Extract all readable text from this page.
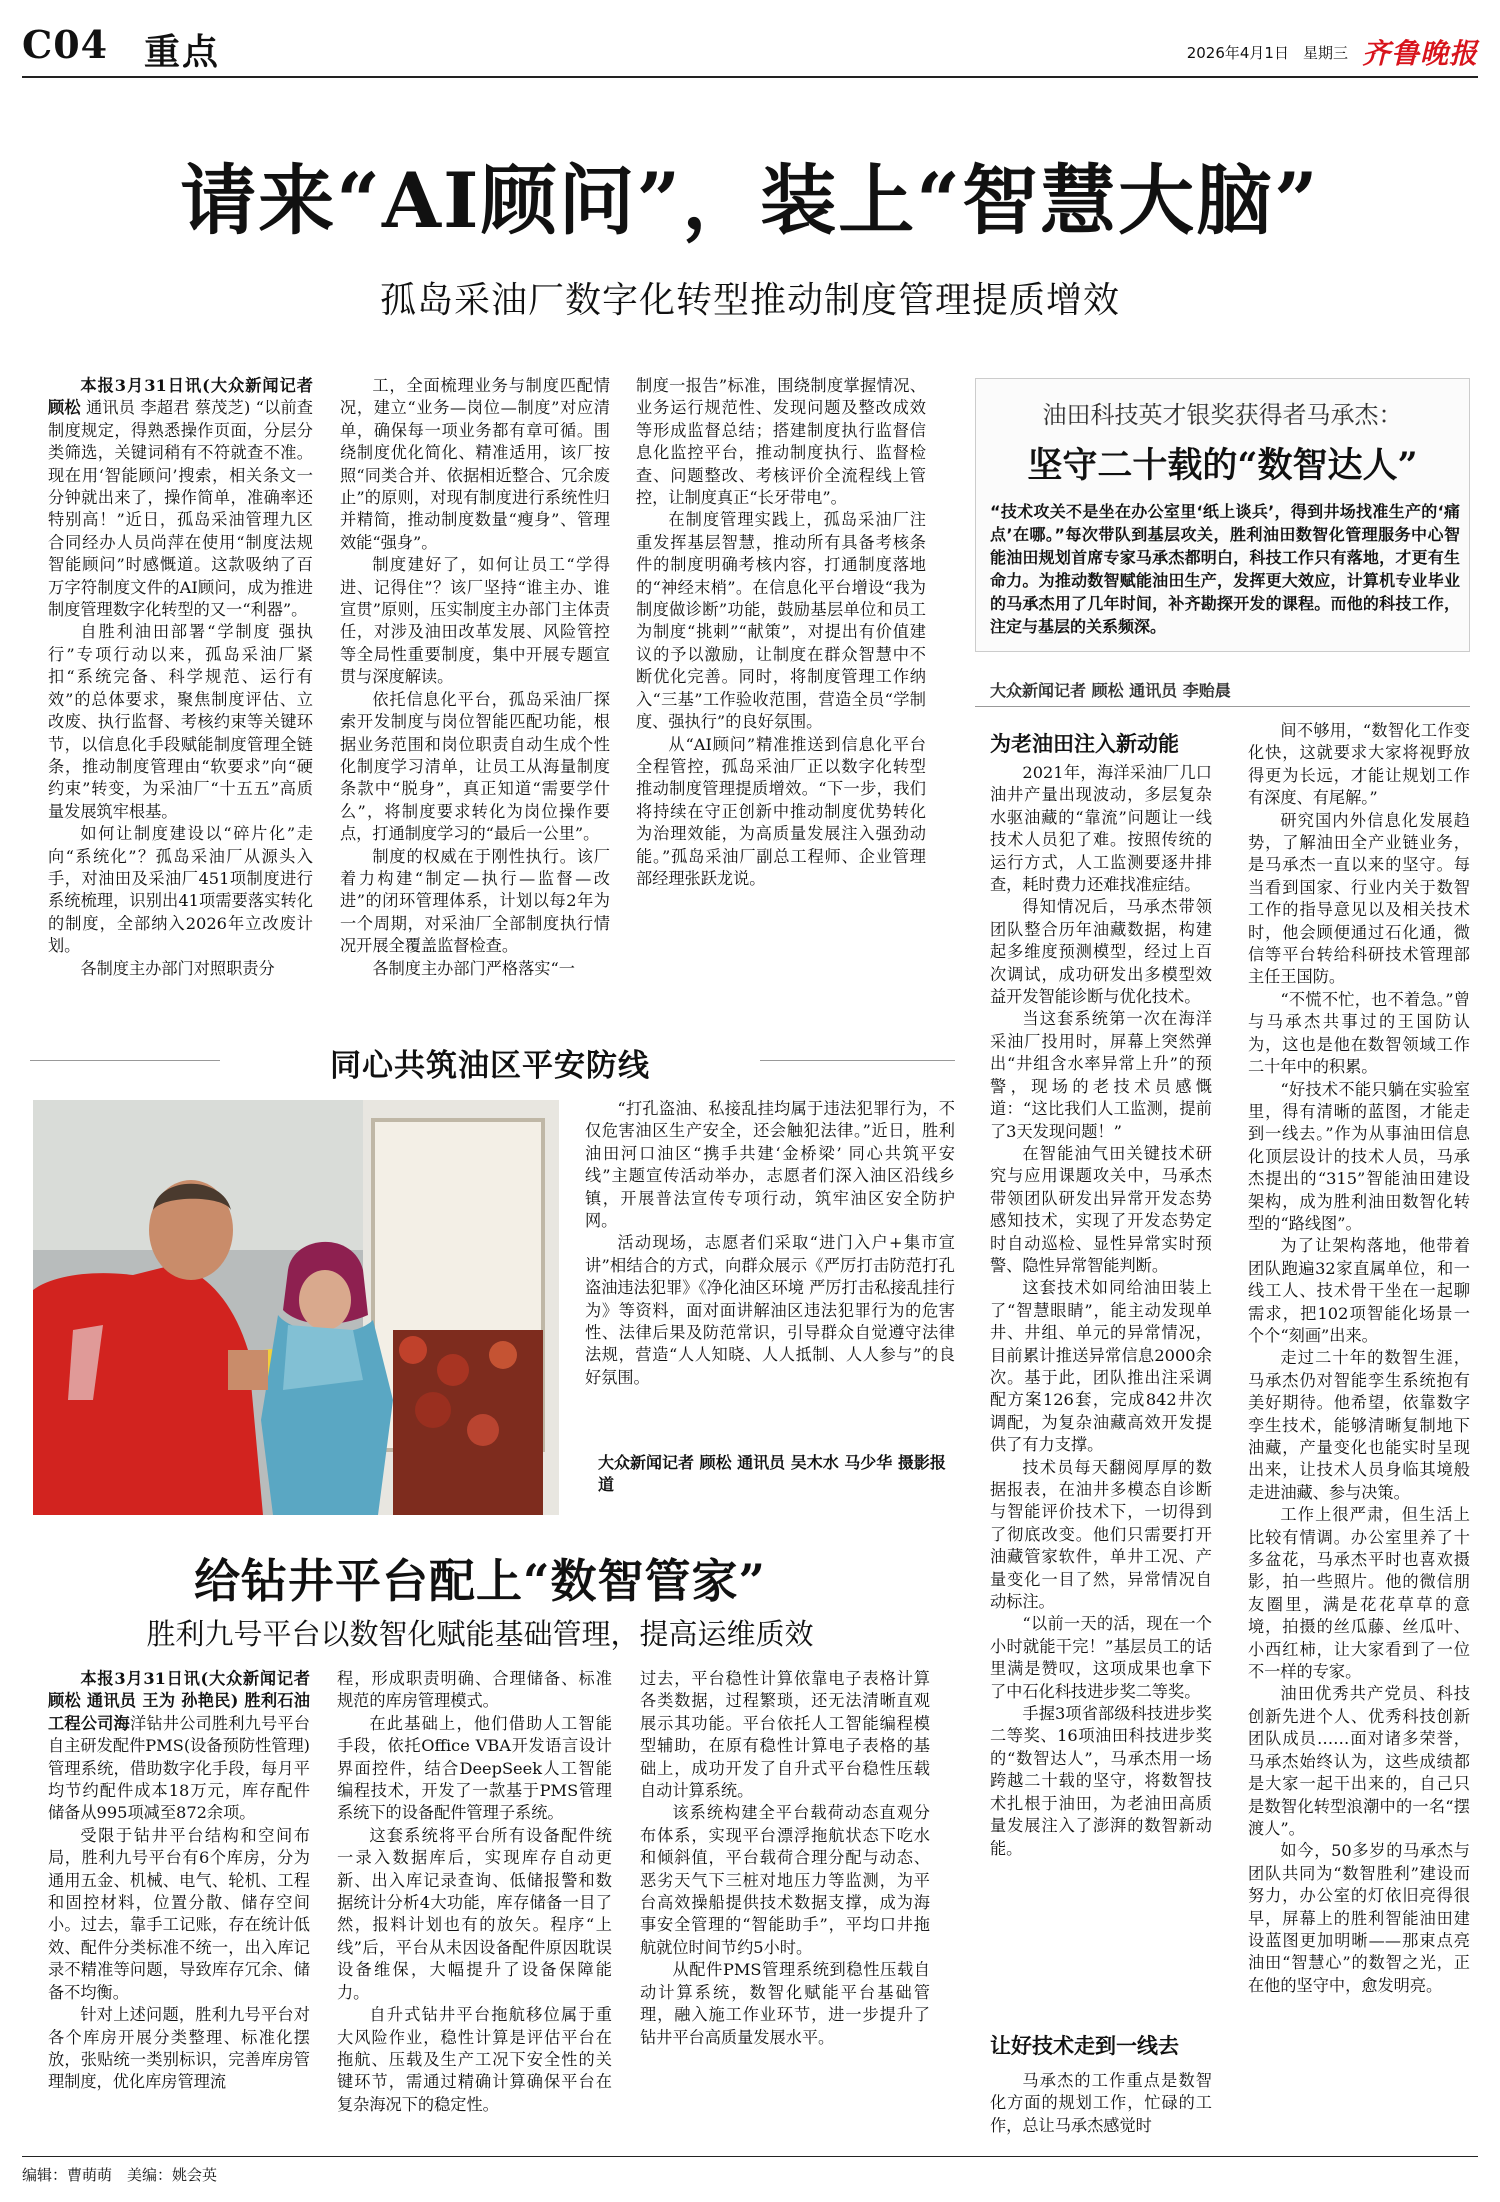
C04 重点	2026年4月1日 星期三 齐鲁晚报
请来“AI顾问”，装上“智慧大脑”
孤岛采油厂数字化转型推动制度管理提质增效

本报3月31日讯(大众新闻记者 顾松 通讯员 李超君 蔡茂芝) “以前查制度规定，得熟悉操作页面，分层分类筛选，关键词稍有不符就查不准。现在用‘智能顾问’搜索，相关条文一分钟就出来了，操作简单，准确率还特别高！”近日，孤岛采油管理九区合同经办人员尚萍在使用“制度法规智能顾问”时感慨道。这款吸纳了百万字符制度文件的AI顾问，成为推进制度管理数字化转型的又一“利器”。

自胜利油田部署“学制度 强执行”专项行动以来，孤岛采油厂紧扣“系统完备、科学规范、运行有效”的总体要求，聚焦制度评估、立改废、执行监督、考核约束等关键环节，以信息化手段赋能制度管理全链条，推动制度管理由“软要求”向“硬约束”转变，为采油厂“十五五”高质量发展筑牢根基。

如何让制度建设以“碎片化”走向“系统化”？孤岛采油厂从源头入手，对油田及采油厂451项制度进行系统梳理，识别出41项需要落实转化的制度，全部纳入2026年立改废计划。

各制度主办部门对照职责分

工，全面梳理业务与制度匹配情况，建立“业务—岗位—制度”对应清单，确保每一项业务都有章可循。围绕制度优化简化、精准适用，该厂按照“同类合并、依据相近整合、冗余废止”的原则，对现有制度进行系统性归并精简，推动制度数量“瘦身”、管理效能“强身”。

制度建好了，如何让员工“学得进、记得住”？该厂坚持“谁主办、谁宣贯”原则，压实制度主办部门主体责任，对涉及油田改革发展、风险管控等全局性重要制度，集中开展专题宣贯与深度解读。

依托信息化平台，孤岛采油厂探索开发制度与岗位智能匹配功能，根据业务范围和岗位职责自动生成个性化制度学习清单，让员工从海量制度条款中“脱身”，真正知道“需要学什么”，将制度要求转化为岗位操作要点，打通制度学习的“最后一公里”。

制度的权威在于刚性执行。该厂着力构建“制定—执行—监督—改进”的闭环管理体系，计划以每2年为一个周期，对采油厂全部制度执行情况开展全覆盖监督检查。

各制度主办部门严格落实“一

制度一报告”标准，围绕制度掌握情况、业务运行规范性、发现问题及整改成效等形成监督总结；搭建制度执行监督信息化监控平台，推动制度执行、监督检查、问题整改、考核评价全流程线上管控，让制度真正“长牙带电”。

在制度管理实践上，孤岛采油厂注重发挥基层智慧，推动所有具备考核条件的制度明确考核内容，打通制度落地的“神经末梢”。在信息化平台增设“我为制度做诊断”功能，鼓励基层单位和员工为制度“挑刺”“献策”，对提出有价值建议的予以激励，让制度在群众智慧中不断优化完善。同时，将制度管理工作纳入“三基”工作验收范围，营造全员“学制度、强执行”的良好氛围。

从“AI顾问”精准推送到信息化平台全程管控，孤岛采油厂正以数字化转型推动制度管理提质增效。“下一步，我们将持续在守正创新中推动制度优势转化为治理效能，为高质量发展注入强劲动能。”孤岛采油厂副总工程师、企业管理部经理张跃龙说。

油田科技英才银奖获得者马承杰：
坚守二十载的“数智达人”
“技术攻关不是坐在办公室里‘纸上谈兵’，得到井场找准生产的‘痛点’在哪。”每次带队到基层攻关，胜利油田数智化管理服务中心智能油田规划首席专家马承杰都明白，科技工作只有落地，才更有生命力。为推动数智赋能油田生产，发挥更大效应，计算机专业毕业的马承杰用了几年时间，补齐勘探开发的课程。而他的科技工作，注定与基层的关系频深。
大众新闻记者 顾松 通讯员 李贻晨
为老油田注入新动能

2021年，海洋采油厂几口油井产量出现波动，多层复杂水驱油藏的“靠流”问题让一线技术人员犯了难。按照传统的运行方式，人工监测要逐井排查，耗时费力还难找准症结。

得知情况后，马承杰带领团队整合历年油藏数据，构建起多维度预测模型，经过上百次调试，成功研发出多模型效益开发智能诊断与优化技术。

当这套系统第一次在海洋采油厂投用时，屏幕上突然弹出“井组含水率异常上升”的预警，现场的老技术员感慨道：“这比我们人工监测，提前了3天发现问题！”

在智能油气田关键技术研究与应用课题攻关中，马承杰带领团队研发出异常开发态势感知技术，实现了开发态势定时自动巡检、显性异常实时预警、隐性异常智能判断。

这套技术如同给油田装上了“智慧眼睛”，能主动发现单井、井组、单元的异常情况，目前累计推送异常信息2000余次。基于此，团队推出注采调配方案126套，完成842井次调配，为复杂油藏高效开发提供了有力支撑。

技术员每天翻阅厚厚的数据报表，在油井多模态自诊断与智能评价技术下，一切得到了彻底改变。他们只需要打开油藏管家软件，单井工况、产量变化一目了然，异常情况自动标注。

“以前一天的活，现在一个小时就能干完！”基层员工的话里满是赞叹，这项成果也拿下了中石化科技进步奖二等奖。

手握3项省部级科技进步奖二等奖、16项油田科技进步奖的“数智达人”，马承杰用一场跨越二十载的坚守，将数智技术扎根于油田，为老油田高质量发展注入了澎湃的数智新动能。

让好技术走到一线去

马承杰的工作重点是数智化方面的规划工作，忙碌的工作，总让马承杰感觉时

间不够用，“数智化工作变化快，这就要求大家将视野放得更为长远，才能让规划工作有深度、有尾解。”

研究国内外信息化发展趋势，了解油田全产业链业务，是马承杰一直以来的坚守。每当看到国家、行业内关于数智工作的指导意见以及相关技术时，他会顾便通过石化通，微信等平台转给科研技术管理部主任王国防。

“不慌不忙，也不着急。”曾与马承杰共事过的王国防认为，这也是他在数智领域工作二十年中的积累。

“好技术不能只躺在实验室里，得有清晰的蓝图，才能走到一线去。”作为从事油田信息化顶层设计的技术人员，马承杰提出的“315”智能油田建设架构，成为胜利油田数智化转型的“路线图”。

为了让架构落地，他带着团队跑遍32家直属单位，和一线工人、技术骨干坐在一起聊需求，把102项智能化场景一个个“刻画”出来。

走过二十年的数智生涯，马承杰仍对智能孪生系统抱有美好期待。他希望，依靠数字孪生技术，能够清晰复制地下油藏，产量变化也能实时呈现出来，让技术人员身临其境般走进油藏、参与决策。

工作上很严肃，但生活上比较有情调。办公室里养了十多盆花，马承杰平时也喜欢摄影，拍一些照片。他的微信朋友圈里，满是花花草草的意境，拍摄的丝瓜藤、丝瓜叶、小西红柿，让大家看到了一位不一样的专家。

油田优秀共产党员、科技创新先进个人、优秀科技创新团队成员……面对诸多荣誉，马承杰始终认为，这些成绩都是大家一起干出来的，自己只是数智化转型浪潮中的一名“摆渡人”。

如今，50多岁的马承杰与团队共同为“数智胜利”建设而努力，办公室的灯依旧亮得很早，屏幕上的胜利智能油田建设蓝图更加明晰——那束点亮油田“智慧心”的数智之光，正在他的坚守中，愈发明亮。

同心共筑油区平安防线

“打孔盗油、私接乱挂均属于违法犯罪行为，不仅危害油区生产安全，还会触犯法律。”近日，胜利油田河口油区“携手共建‘金桥梁’ 同心共筑平安线”主题宣传活动举办，志愿者们深入油区沿线乡镇，开展普法宣传专项行动，筑牢油区安全防护网。

活动现场，志愿者们采取“进门入户+集市宣讲”相结合的方式，向群众展示《严厉打击防范打孔盗油违法犯罪》《净化油区环境 严厉打击私接乱挂行为》等资料，面对面讲解油区违法犯罪行为的危害性、法律后果及防范常识，引导群众自觉遵守法律法规，营造“人人知晓、人人抵制、人人参与”的良好氛围。

大众新闻记者 顾松 通讯员 吴木水 马少华 摄影报道
给钻井平台配上“数智管家”
胜利九号平台以数智化赋能基础管理，提高运维质效

本报3月31日讯(大众新闻记者 顾松 通讯员 王为 孙艳民) 胜利石油工程公司海洋钻井公司胜利九号平台自主研发配件PMS(设备预防性管理)管理系统，借助数字化手段，每月平均节约配件成本18万元，库存配件储备从995项减至872余项。

受限于钻井平台结构和空间布局，胜利九号平台有6个库房，分为通用五金、机械、电气、轮机、工程和固控材料，位置分散、储存空间小。过去，靠手工记账，存在统计低效、配件分类标准不统一，出入库记录不精准等问题，导致库存冗余、储备不均衡。

针对上述问题，胜利九号平台对各个库房开展分类整理、标准化摆放，张贴统一类别标识，完善库房管理制度，优化库房管理流

程，形成职责明确、合理储备、标准规范的库房管理模式。

在此基础上，他们借助人工智能手段，依托Office VBA开发语言设计界面控件，结合DeepSeek人工智能编程技术，开发了一款基于PMS管理系统下的设备配件管理子系统。

这套系统将平台所有设备配件统一录入数据库后，实现库存自动更新、出入库记录查询、低储报警和数据统计分析4大功能，库存储备一目了然，报料计划也有的放矢。程序“上线”后，平台从未因设备配件原因耽误设备维保，大幅提升了设备保障能力。

自升式钻井平台拖航移位属于重大风险作业，稳性计算是评估平台在拖航、压载及生产工况下安全性的关键环节，需通过精确计算确保平台在复杂海况下的稳定性。

过去，平台稳性计算依靠电子表格计算各类数据，过程繁琐，还无法清晰直观展示其功能。平台依托人工智能编程模型辅助，在原有稳性计算电子表格的基础上，成功开发了自升式平台稳性压载自动计算系统。

该系统构建全平台载荷动态直观分布体系，实现平台漂浮拖航状态下吃水和倾斜值，平台载荷合理分配与动态、恶劣天气下三桩对地压力等监测，为平台高效操船提供技术数据支撑，成为海事安全管理的“智能助手”，平均口井拖航就位时间节约5小时。

从配件PMS管理系统到稳性压载自动计算系统，数智化赋能平台基础管理，融入施工作业环节，进一步提升了钻井平台高质量发展水平。

编辑：曹萌萌　美编：姚会英
